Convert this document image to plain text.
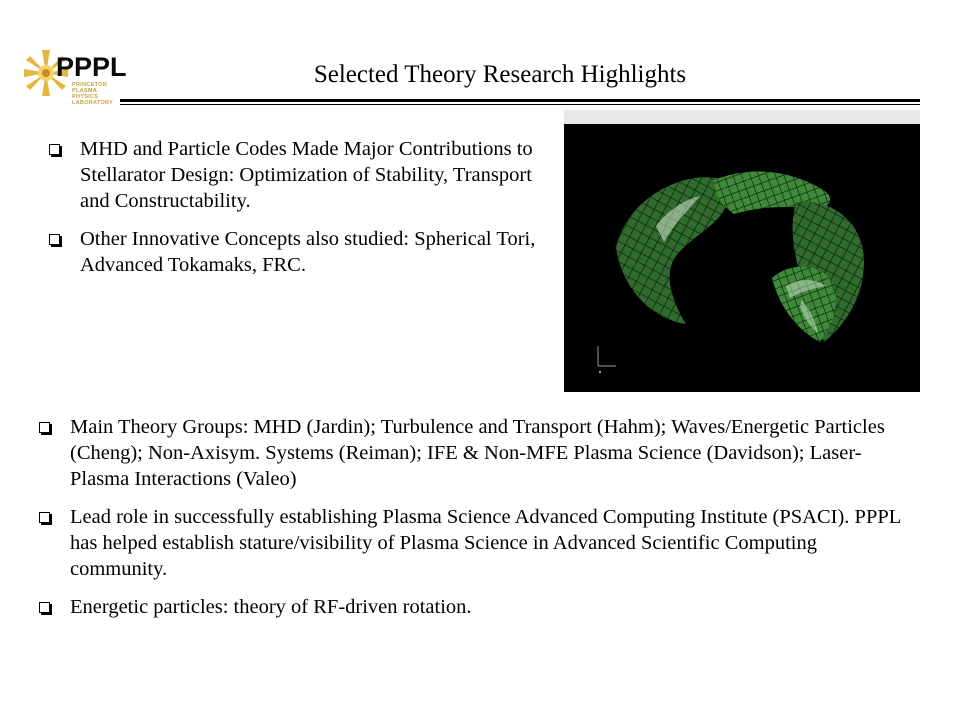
PPPL
PRINCETON PLASMA
PHYSICS LABORATORY
Selected Theory Research Highlights
MHD and Particle Codes Made Major Contributions to Stellarator Design: Optimization of Stability, Transport and Constructability.
Other Innovative Concepts also studied: Spherical Tori, Advanced Tokamaks, FRC.
Main Theory Groups: MHD (Jardin); Turbulence and Transport (Hahm); Waves/Energetic Particles (Cheng); Non-Axisym. Systems (Reiman); IFE & Non-MFE Plasma Science (Davidson); Laser-Plasma Interactions (Valeo)
Lead role in successfully establishing Plasma Science Advanced Computing Institute (PSACI). PPPL has helped establish stature/visibility of Plasma Science in Advanced Scientific Computing community.
Energetic particles: theory of RF-driven rotation.
